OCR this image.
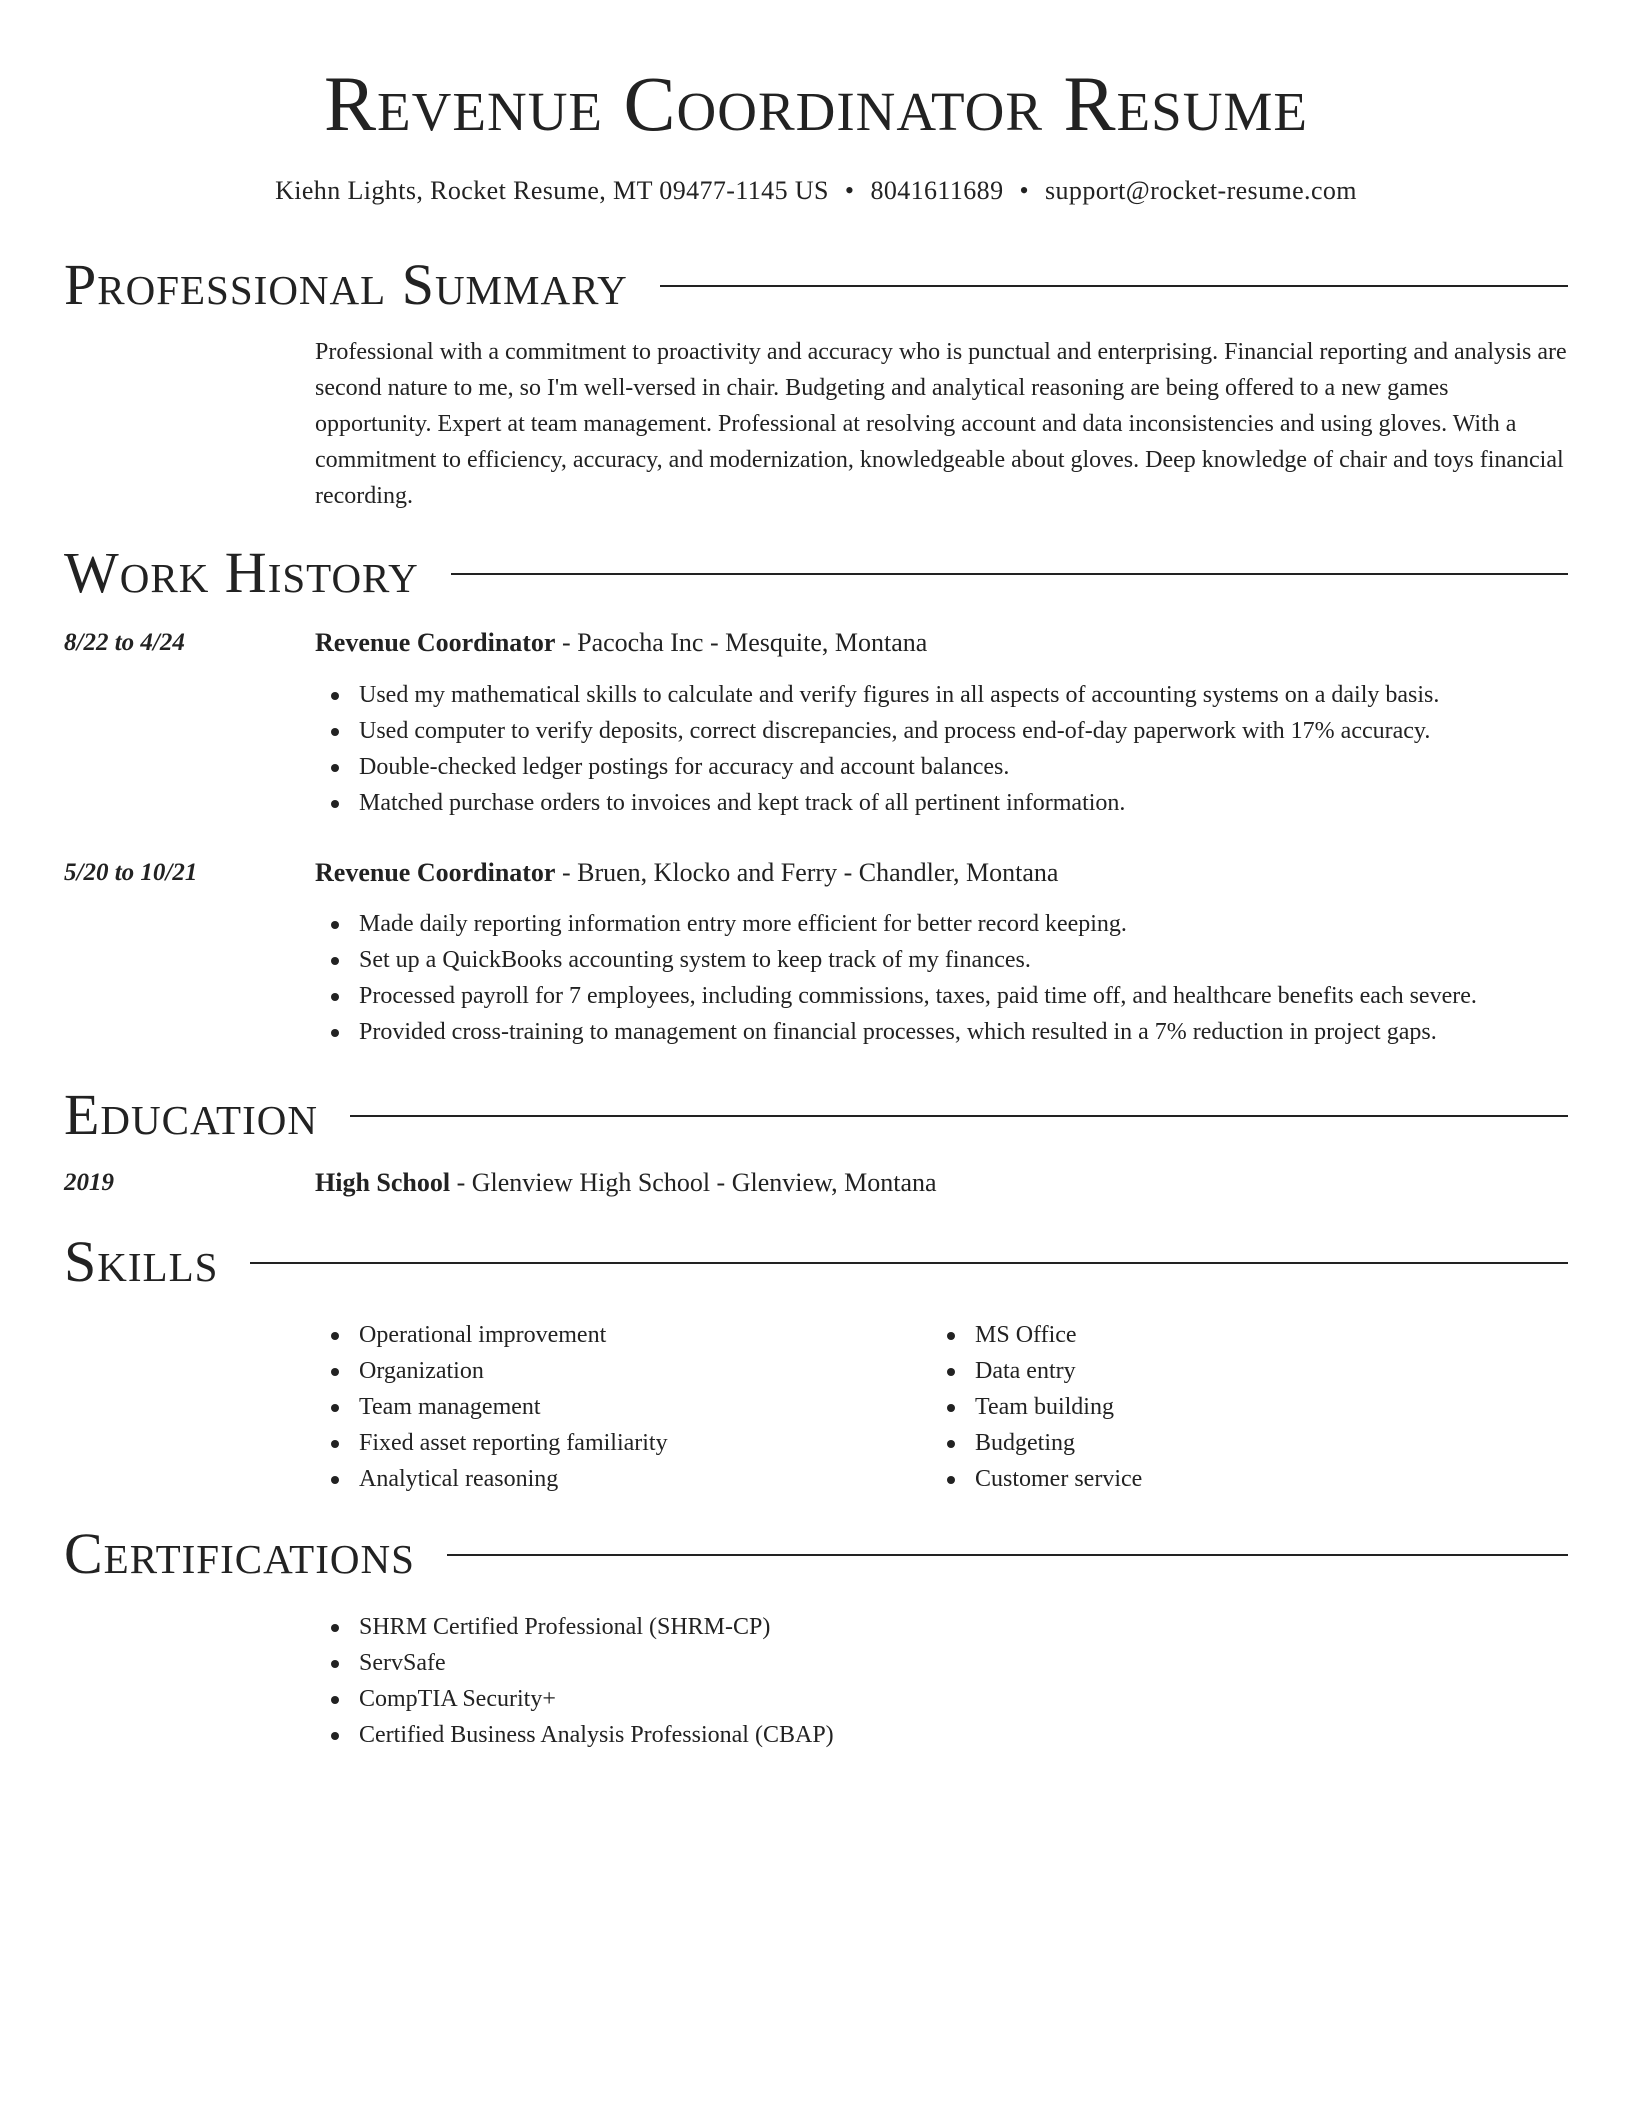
Revenue Coordinator Resume
Kiehn Lights, Rocket Resume, MT 09477-1145 US • 8041611689 • support@rocket-resume.com
Professional Summary

Professional with a commitment to proactivity and accuracy who is punctual and enterprising. Financial reporting and analysis are second nature to me, so I'm well-versed in chair. Budgeting and analytical reasoning are being offered to a new games opportunity. Expert at team management. Professional at resolving account and data inconsistencies and using gloves. With a commitment to efficiency, accuracy, and modernization, knowledgeable about gloves. Deep knowledge of chair and toys financial recording.

Work History
8/22 to 4/24	Revenue Coordinator - Pacocha Inc - Mesquite, Montana
Used my mathematical skills to calculate and verify figures in all aspects of accounting systems on a daily basis.
Used computer to verify deposits, correct discrepancies, and process end-of-day paperwork with 17% accuracy.
Double-checked ledger postings for accuracy and account balances.
Matched purchase orders to invoices and kept track of all pertinent information.
5/20 to 10/21	Revenue Coordinator - Bruen, Klocko and Ferry - Chandler, Montana
Made daily reporting information entry more efficient for better record keeping.
Set up a QuickBooks accounting system to keep track of my finances.
Processed payroll for 7 employees, including commissions, taxes, paid time off, and healthcare benefits each severe.
Provided cross-training to management on financial processes, which resulted in a 7% reduction in project gaps.
Education
2019	High School - Glenview High School - Glenview, Montana
Skills
Operational improvement
Organization
Team management
Fixed asset reporting familiarity
Analytical reasoning
MS Office
Data entry
Team building
Budgeting
Customer service
Certifications
SHRM Certified Professional (SHRM-CP)
ServSafe
CompTIA Security+
Certified Business Analysis Professional (CBAP)
